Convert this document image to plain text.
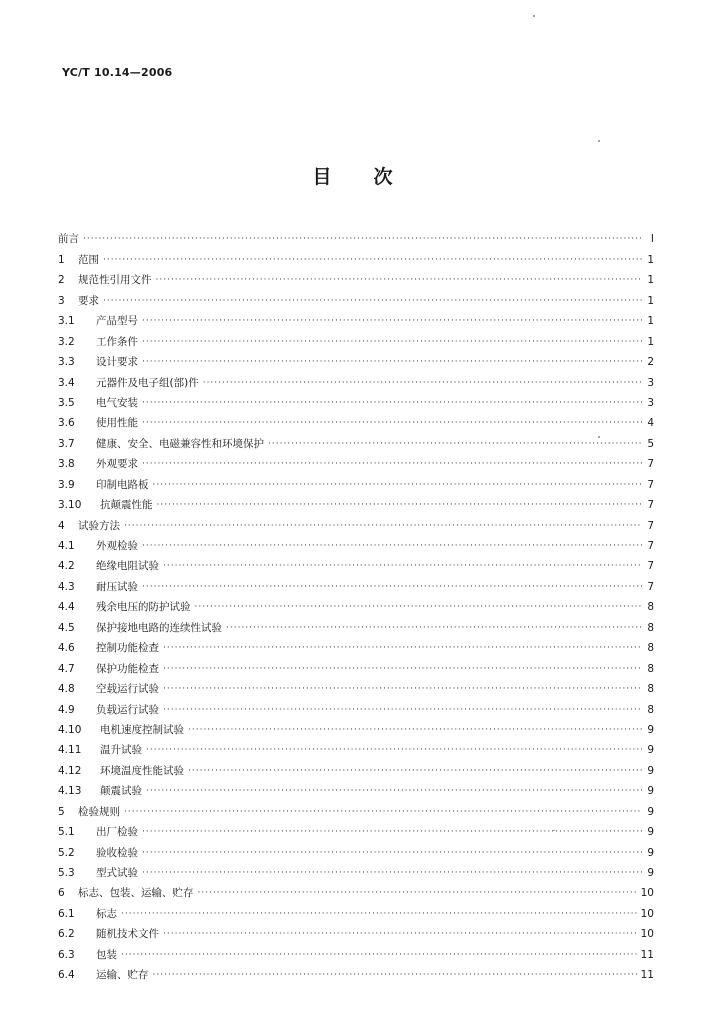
YC/T 10.14—2006
目 次
前言 ·····	I
1	范围 ·····	1
2	规范性引用文件 ·····	1
3	要求 ·····	1
3.1	产品型号 ·····	1
3.2	工作条件 ·····	1
3.3	设计要求 ·····	2
3.4	元器件及电子组(部)件 ·····	3
3.5	电气安装 ·····	3
3.6	使用性能 ·····	4
3.7	健康、安全、电磁兼容性和环境保护 ·····	5
3.8	外观要求 ·····	7
3.9	印制电路板 ·····	7
3.10	抗颠震性能 ·····	7
4	试验方法 ·····	7
4.1	外观检验 ·····	7
4.2	绝缘电阻试验 ·····	7
4.3	耐压试验 ·····	7
4.4	残余电压的防护试验 ·····	8
4.5	保护接地电路的连续性试验 ·····	8
4.6	控制功能检查 ·····	8
4.7	保护功能检查 ·····	8
4.8	空载运行试验 ·····	8
4.9	负载运行试验 ·····	8
4.10	电机速度控制试验 ·····	9
4.11	温升试验 ·····	9
4.12	环境温度性能试验 ·····	9
4.13	颠震试验 ·····	9
5	检验规则 ·····	9
5.1	出厂检验 ·····	9
5.2	验收检验 ·····	9
5.3	型式试验 ·····	9
6	标志、包装、运输、贮存 ·····	10
6.1	标志 ·····	10
6.2	随机技术文件 ·····	10
6.3	包装 ·····	11
6.4	运输、贮存 ·····	11
